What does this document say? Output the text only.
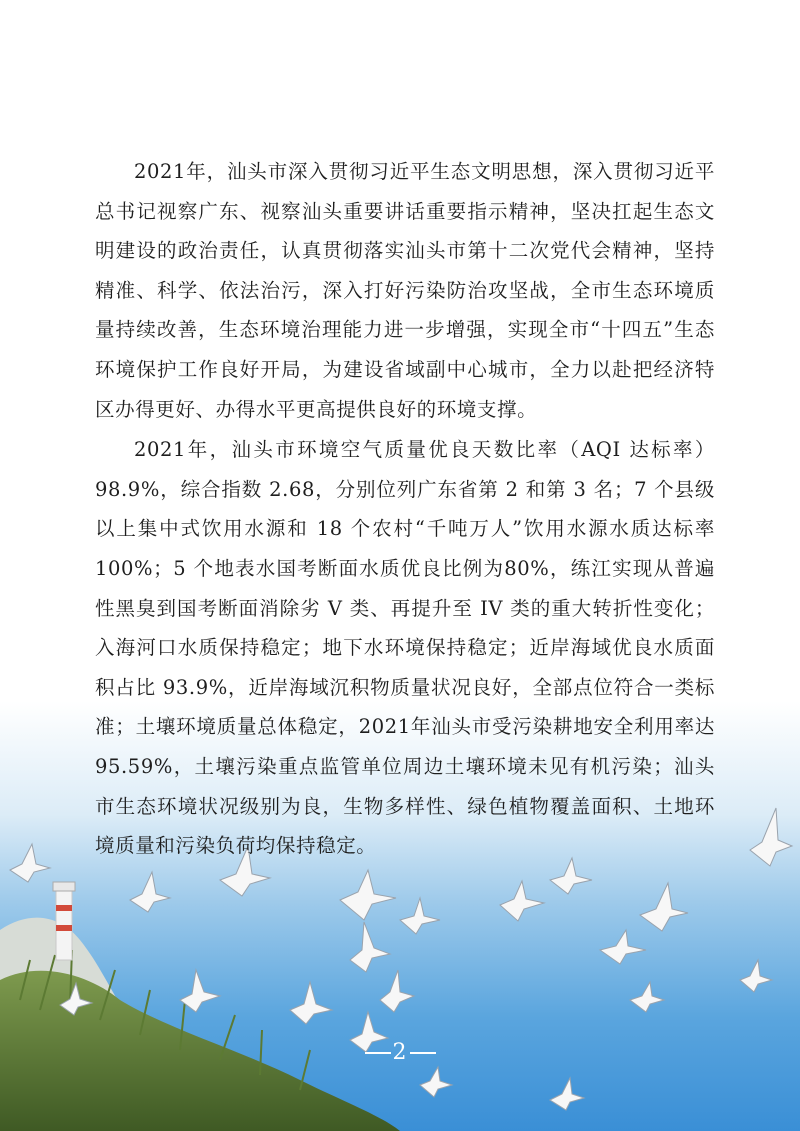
2021年，汕头市深入贯彻习近平生态文明思想，深入贯彻习近平总书记视察广东、视察汕头重要讲话重要指示精神，坚决扛起生态文明建设的政治责任，认真贯彻落实汕头市第十二次党代会精神，坚持精准、科学、依法治污，深入打好污染防治攻坚战，全市生态环境质量持续改善，生态环境治理能力进一步增强，实现全市“十四五”生态环境保护工作良好开局，为建设省域副中心城市，全力以赴把经济特区办得更好、办得水平更高提供良好的环境支撑。

2021年，汕头市环境空气质量优良天数比率（AQI 达标率）98.9%，综合指数 2.68，分别位列广东省第 2 和第 3 名；7 个县级以上集中式饮用水源和 18 个农村“千吨万人”饮用水源水质达标率100%；5 个地表水国考断面水质优良比例为80%，练江实现从普遍性黑臭到国考断面消除劣 V 类、再提升至 IV 类的重大转折性变化；入海河口水质保持稳定；地下水环境保持稳定；近岸海域优良水质面积占比 93.9%，近岸海域沉积物质量状况良好，全部点位符合一类标准；土壤环境质量总体稳定，2021年汕头市受污染耕地安全利用率达95.59%，土壤污染重点监管单位周边土壤环境未见有机污染；汕头市生态环境状况级别为良，生物多样性、绿色植物覆盖面积、土地环境质量和污染负荷均保持稳定。

2
